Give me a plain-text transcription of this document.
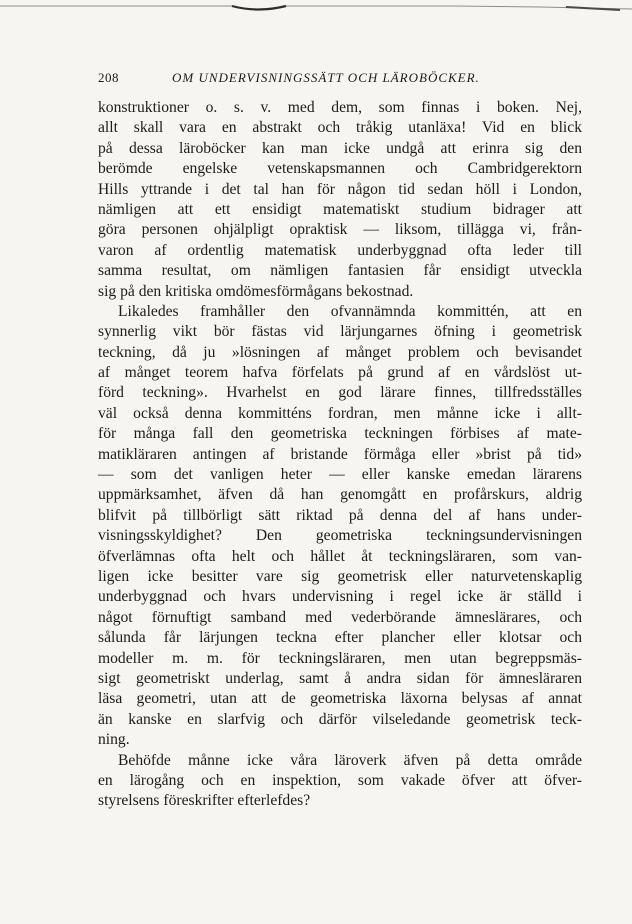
208	OM UNDERVISNINGSSÄTT OCH LÄROBÖCKER.
konstruktioner o. s. v. med dem, som finnas i boken. Nej,
allt skall vara en abstrakt och tråkig utanläxa! Vid en blick
på dessa läroböcker kan man icke undgå att erinra sig den
berömde engelske vetenskapsmannen och Cambridgerektorn
Hills yttrande i det tal han för någon tid sedan höll i London,
nämligen att ett ensidigt matematiskt studium bidrager att
göra personen ohjälpligt opraktisk — liksom, tillägga vi, från-
varon af ordentlig matematisk underbyggnad ofta leder till
samma resultat, om nämligen fantasien får ensidigt utveckla
sig på den kritiska omdömesförmågans bekostnad.
Likaledes framhåller den ofvannämnda kommittén, att en
synnerlig vikt bör fästas vid lärjungarnes öfning i geometrisk
teckning, då ju »lösningen af månget problem och bevisandet
af månget teorem hafva förfelats på grund af en vårdslöst ut-
förd teckning». Hvarhelst en god lärare finnes, tillfredsställes
väl också denna kommitténs fordran, men månne icke i allt-
för många fall den geometriska teckningen förbises af mate-
matikläraren antingen af bristande förmåga eller »brist på tid»
— som det vanligen heter — eller kanske emedan lärarens
uppmärksamhet, äfven då han genomgått en profårskurs, aldrig
blifvit på tillbörligt sätt riktad på denna del af hans under-
visningsskyldighet? Den geometriska teckningsundervisningen
öfverlämnas ofta helt och hållet åt teckningsläraren, som van-
ligen icke besitter vare sig geometrisk eller naturvetenskaplig
underbyggnad och hvars undervisning i regel icke är ställd i
något förnuftigt samband med vederbörande ämneslärares, och
sålunda får lärjungen teckna efter plancher eller klotsar och
modeller m. m. för teckningsläraren, men utan begreppsmäs-
sigt geometriskt underlag, samt å andra sidan för ämnesläraren
läsa geometri, utan att de geometriska läxorna belysas af annat
än kanske en slarfvig och därför vilseledande geometrisk teck-
ning.
Behöfde månne icke våra läroverk äfven på detta område
en lärogång och en inspektion, som vakade öfver att öfver-
styrelsens föreskrifter efterlefdes?
